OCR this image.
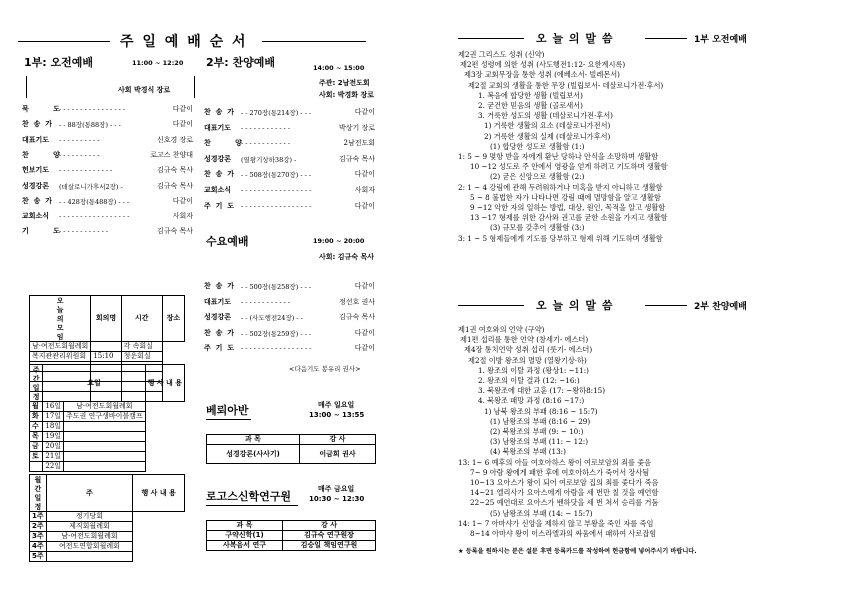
주 일 예 배 순 서
1부: 오전예배	11:00 ~ 12:20
사회 박경식 장로
묵          도 - - - - - - - - - - - - - - - -	다같이
찬  송  가 - - 88장(통88장) - - -	다같이
대표기도 - - - - - - - - - -	신호경 장로
찬          양 - - - - - - - - - -	로고스 찬양대
헌보기도 - - - - - - - - - - - - -	김규숙 목사
성경강론 (데살로니가후서2장) -	김규숙 목사
찬  송  가 - - 428장(통488장) - - -	다같이
교회소식 - - - - - - - - - - - - - - - - -	사회자
기          도 - - - - - - - - - - - -	김규숙 목사
2부: 찬양예배	14:00 ~ 15:00
주관: 2남전도회
사회: 박경화 장로
찬  송  가 - - 270장(통214장) - - -	다같이
대표기도 - - - - - - - - - - - -	박상기 장로
찬          양 - - - - - - - - - - - -	2남전도회
성경강론 (열왕기상하38강) -	김규숙 목사
찬  송  가 - - 508장(통270장) - - -	다같이
교회소식 - - - - - - - - - - - - - - - - -	사회자
주  기  도 - - - - - - - - - - - - - - - - -	다같이
수요예배	19:00 ~ 20:00
사회: 김규숙 목사
찬  송  가 - - 500장(통258장) - - -	다같이
대표기도 - - - - - - - - - - - -	정선호 권사
성경강론 - - (사도행전24장) - -	김규숙 목사
찬  송  가 - - 502장(통259장) - - -	다같이
주  기  도 - - - - - - - - - - - - - - - - -	다같이
<다음기도 봉유리 권사>
베뢰아반	매주 일요일
13:00 ~ 13:55
과 목	강 사
성경강론(사사기)	이금희 권사
로고스신학연구원
매주 금요일
10:30 ~ 12:30
과 목	강 사
구약신학(1)	김규숙 연구원장
사복음서 연구	김승일 책임연구원
오
늘
의
모
임	회의명	시간	장소
남·여전도회월례회		각 속회실	
복지관관리위원회	15:10	청운회실	

주
간
일
정	요일		행 사 내 용
월	16일	남·여전도회월례회	
화	17일	주도권 연구생바이블캠프	
수	18일		
목	19일		
금	20일		
토	21일		
	22일		
월
간
일
정	주	행 사 내 용
1주	정기당회	
2주	제직회월례회	
3주	남·여전도회월례회	
4주	여전도연합회월례회	
5주		
오 늘 의 말 씀	1부 오전예배
제2권 그리스도 성취 (신약)
제2편 성령에 의한 성취 (사도행전1:12- 요한계시록)
제3장 교회무장을 통한 성취 (에베소서- 빌레몬서)
제2절 교회의 생활을 통한 무장 (빌립보서- 데살로니가전·후서)
1. 복음에 합당한 생활 (빌립보서)
2. 굳건한 믿음의 생활 (골로새서)
3. 거룩한 성도의 생활 (데살로니가전·후서)
1) 거룩한 생활의 요소 (데살로니가전서)
2) 거룩한 생활의 실제 (데살로니가후서)
(1) 합당한 성도로 생활함 (1:)
1: 5 ~ 9 몇항 받을 자에게 환난 당하나 안식을 소망하며 생활함
10 ~12 성도로 주 안에서 영광을 얻게 하려고 기도하며 생활함
(2) 굳은 신앙으로 생활함 (2:)
2: 1 ~ 4 강림에 관해 두려워하거나 미혹을 받지 아니하고 생활함
5 ~ 8 불법한 자가 나타나면 강림 때에 멸망함을 알고 생활함
9 ~12 악한 자의 일하는 방법, 대상, 원인, 목적을 알고 생활함
13 ~17 형제를 위한 감사와 권고를 굳한 소원을 가지고 생활함
(3) 규모를 갖추어 생활함 (3:)
3: 1 ~ 5 형제들에게 기도를 당부하고 형제 위해 기도하며 생활함
오 늘 의 말 씀	2부 찬양예배
제1권 여호와의 언약 (구약)
제1편 섭리를 통한 언약 (창세기- 에스더)
제4장 통치언약 성취 섭리 (룻기- 에스더)
제2절 이방 왕조의 멸망 (열왕기상·하)
1. 왕조의 이탈 과정 (왕상1: ~11:)
2. 왕조의 이탈 결과 (12: ~16:)
3. 북왕조에 대한 교훈 (17: ~왕하8:15)
4. 북왕조 패망 과정 (8:16 ~17:)
1) 남북 왕조의 부패 (8:16 ~ 15:7)
(1) 남왕조의 부패 (8:16 ~ 29)
(2) 북왕조의 부패 (9: ~ 10:)
(3) 남왕조의 부패 (11: ~ 12:)
(4) 북왕조의 부패 (13:)
13: 1~ 6 예후의 아들 여호아하스 왕이 여로보암의 죄를 좇음
7~ 9 아람 왕에게 패한 후에 여호아하스가 죽어서 장사됨
10~13 요아스가 왕이 되어 여로보암 집의 죄를 좇다가 죽음
14~21 엘리사가 요아스에게 아람을 세 번만 칠 것을 예언함
22~25 예언대로 요아스가 벤하닷을 세 번 쳐서 승리를 거둠
(5) 남왕조의 부패 (14: ~ 15:7)
14: 1~ 7 아마샤가 신앙을 제하지 않고 부왕을 죽인 자를 죽임
8~14 아마샤 왕이 이스라엘과의 싸움에서 패하여 사로잡힘
★ 등록을 원하시는 분은 설문 후면 등록카드를 작성하여 헌금함에 넣어주시기 바랍니다.
